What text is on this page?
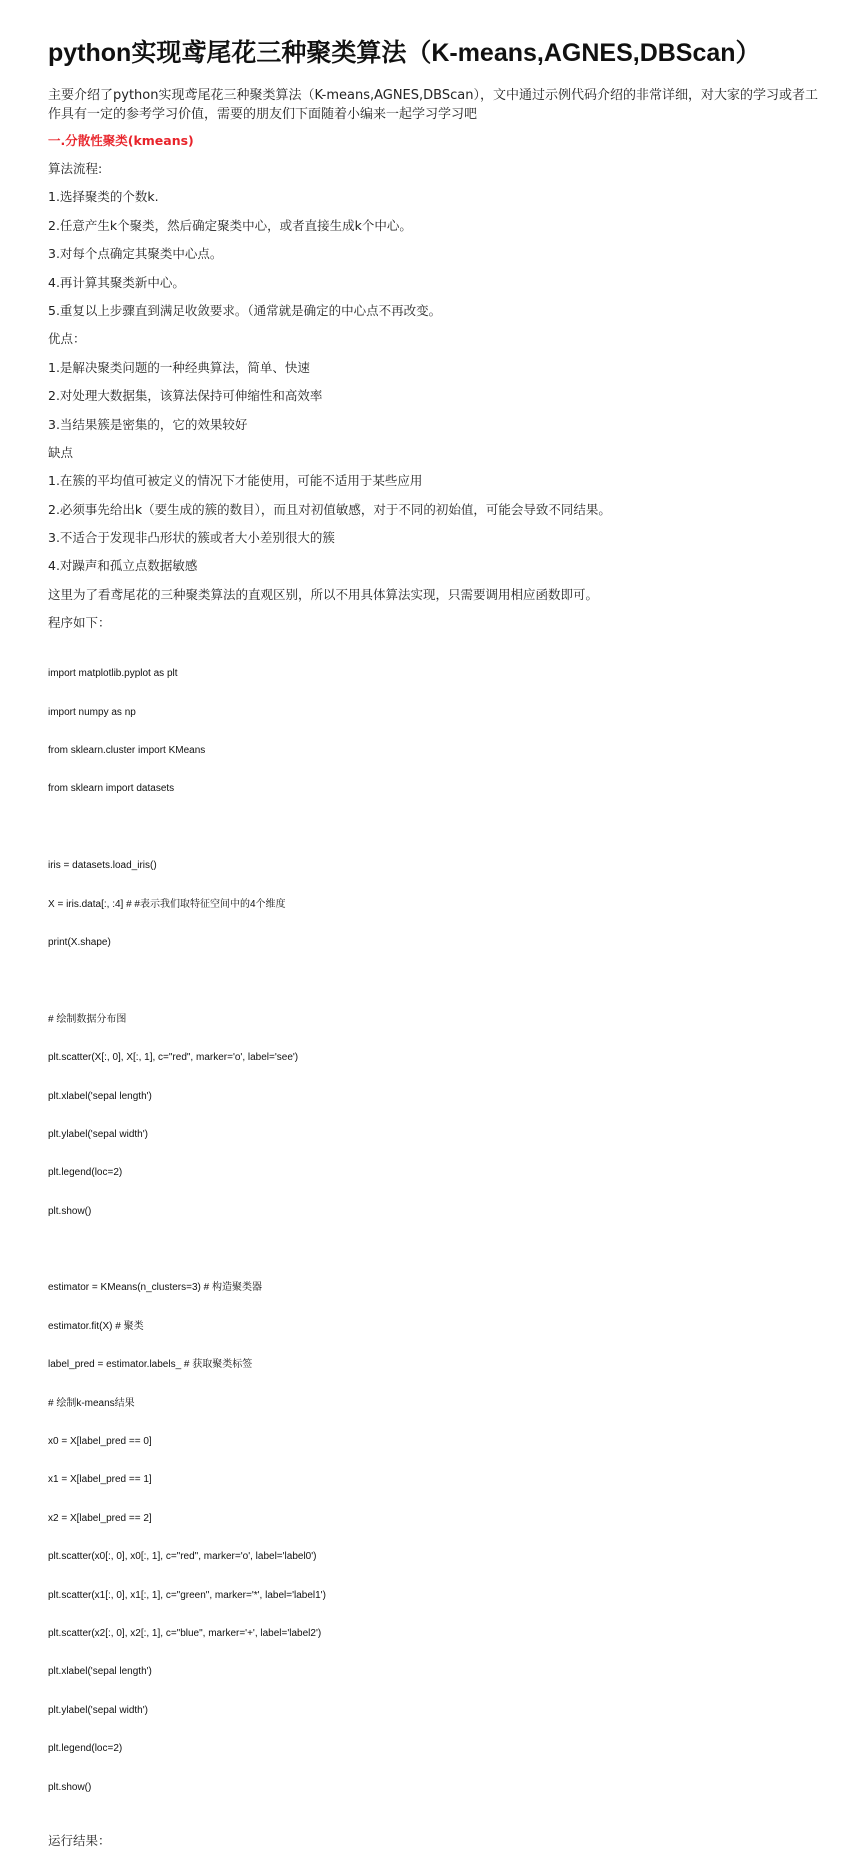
python实现鸢尾花三种聚类算法（K-means,AGNES,DBScan）

主要介绍了python实现鸢尾花三种聚类算法（K-means,AGNES,DBScan），文中通过示例代码介绍的非常详细，对大家的学习或者工作具有一定的参考学习价值，需要的朋友们下面随着小编来一起学习学习吧

一.分散性聚类(kmeans)

算法流程:

1.选择聚类的个数k.

2.任意产生k个聚类，然后确定聚类中心，或者直接生成k个中心。

3.对每个点确定其聚类中心点。

4.再计算其聚类新中心。

5.重复以上步骤直到满足收敛要求。（通常就是确定的中心点不再改变。

优点：

1.是解决聚类问题的一种经典算法，简单、快速

2.对处理大数据集，该算法保持可伸缩性和高效率

3.当结果簇是密集的，它的效果较好

缺点

1.在簇的平均值可被定义的情况下才能使用，可能不适用于某些应用

2.必须事先给出k（要生成的簇的数目），而且对初值敏感，对于不同的初始值，可能会导致不同结果。

3.不适合于发现非凸形状的簇或者大小差别很大的簇

4.对躁声和孤立点数据敏感

这里为了看鸢尾花的三种聚类算法的直观区别，所以不用具体算法实现，只需要调用相应函数即可。

程序如下：

import matplotlib.pyplot as plt

import numpy as np

from sklearn.cluster import KMeans

from sklearn import datasets

iris = datasets.load_iris()

X = iris.data[:, :4] # #表示我们取特征空间中的4个维度

print(X.shape)

# 绘制数据分布图

plt.scatter(X[:, 0], X[:, 1], c="red", marker='o', label='see')

plt.xlabel('sepal length')

plt.ylabel('sepal width')

plt.legend(loc=2)

plt.show()

estimator = KMeans(n_clusters=3) # 构造聚类器

estimator.fit(X) # 聚类

label_pred = estimator.labels_ # 获取聚类标签

# 绘制k-means结果

x0 = X[label_pred == 0]

x1 = X[label_pred == 1]

x2 = X[label_pred == 2]

plt.scatter(x0[:, 0], x0[:, 1], c="red", marker='o', label='label0')

plt.scatter(x1[:, 0], x1[:, 1], c="green", marker='*', label='label1')

plt.scatter(x2[:, 0], x2[:, 1], c="blue", marker='+', label='label2')

plt.xlabel('sepal length')

plt.ylabel('sepal width')

plt.legend(loc=2)

plt.show()

运行结果：
